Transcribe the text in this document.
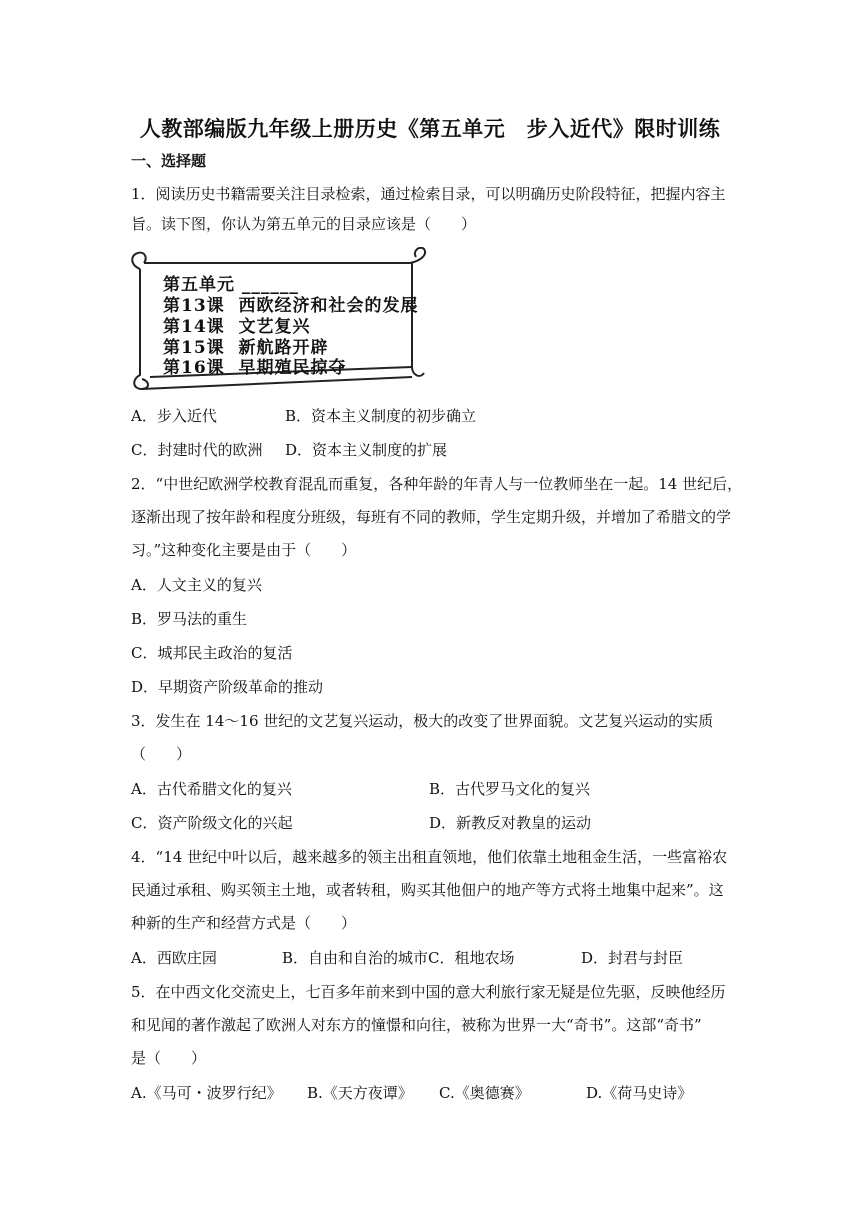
人教部编版九年级上册历史《第五单元　步入近代》限时训练
一、选择题
1．阅读历史书籍需要关注目录检索，通过检索目录，可以明确历史阶段特征，把握内容主
旨。读下图，你认为第五单元的目录应该是（　　）
第五单元 ______
第13课  西欧经济和社会的发展
第14课  文艺复兴
第15课  新航路开辟
第16课  早期殖民掠夺
A．步入近代	B．资本主义制度的初步确立
C．封建时代的欧洲 D．资本主义制度的扩展
2．“中世纪欧洲学校教育混乱而重复，各种年龄的年青人与一位教师坐在一起。14 世纪后，
逐渐出现了按年龄和程度分班级，每班有不同的教师，学生定期升级，并增加了希腊文的学
习。”这种变化主要是由于（　　）
A．人文主义的复兴
B．罗马法的重生
C．城邦民主政治的复活
D．早期资产阶级革命的推动
3．发生在 14～16 世纪的文艺复兴运动，极大的改变了世界面貌。文艺复兴运动的实质
（　　）
A．古代希腊文化的复兴	B．古代罗马文化的复兴
C．资产阶级文化的兴起	D．新教反对教皇的运动
4．“14 世纪中叶以后，越来越多的领主出租直领地，他们依靠土地租金生活，一些富裕农
民通过承租、购买领主土地，或者转租，购买其他佃户的地产等方式将土地集中起来”。这
种新的生产和经营方式是（　　）
A．西欧庄园	B．自由和自治的城市 C．租地农场	D．封君与封臣
5．在中西文化交流史上，七百多年前来到中国的意大利旅行家无疑是位先驱，反映他经历
和见闻的著作激起了欧洲人对东方的憧憬和向往，被称为世界一大“奇书”。这部“奇书”
是（　　）
A.《马可・波罗行纪》 B.《天方夜谭》 C.《奥德赛》	D.《荷马史诗》
